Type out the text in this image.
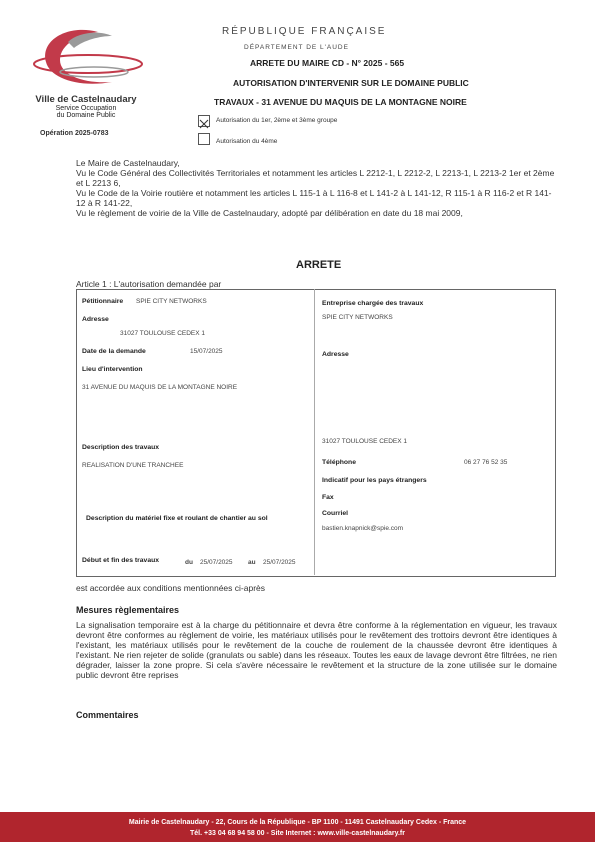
Ville de Castelnaudary
Service Occupation
du Domaine Public
Opération 2025-0783
RÉPUBLIQUE FRANÇAISE
DÉPARTEMENT DE L'AUDE
ARRETE DU MAIRE CD - N° 2025 - 565
AUTORISATION D'INTERVENIR SUR LE DOMAINE PUBLIC
TRAVAUX - 31 AVENUE DU MAQUIS DE LA MONTAGNE NOIRE
Autorisation du 1er, 2ème et 3ème groupe
Autorisation du 4ème
Le Maire de Castelnaudary,
Vu le Code Général des Collectivités Territoriales et notamment les articles L 2212-1, L 2212-2, L 2213-1, L 2213-2 1er et 2ème et L 2213 6,
Vu le Code de la Voirie routière et notamment les articles L 115-1 à L 116-8 et L 141-2 à L 141-12, R 115-1 à R 116-2 et R 141-12 à R 141-22,
Vu le règlement de voirie de la Ville de Castelnaudary, adopté par délibération en date du 18 mai 2009,
ARRETE
Article 1 : L'autorisation demandée par
Pétitionnaire SPIE CITY NETWORKS
Adresse
31027 TOULOUSE CEDEX 1
Date de la demande	15/07/2025
Lieu d'intervention
31 AVENUE DU MAQUIS DE LA MONTAGNE NOIRE
Description des travaux
REALISATION D'UNE TRANCHEE
Description du matériel fixe et roulant de chantier au sol
Début et fin des travaux	du 25/07/2025 au 25/07/2025
Entreprise chargée des travaux
SPIE CITY NETWORKS
Adresse
31027 TOULOUSE CEDEX 1
Téléphone	06 27 76 52 35
Indicatif pour les pays étrangers
Fax
Courriel
bastien.knapnick@spie.com
est accordée aux conditions mentionnées ci-après
Mesures règlementaires
La signalisation temporaire est à la charge du pétitionnaire et devra être conforme à la réglementation en vigueur, les travaux devront être conformes au règlement de voirie, les matériaux utilisés pour le revêtement des trottoirs devront être identiques à l'existant, les matériaux utilisés pour le revêtement de la couche de roulement de la chaussée devront être identiques à l'existant. Ne rien rejeter de solide (granulats ou sable) dans les réseaux. Toutes les eaux de lavage devront être filtrées, ne rien dégrader, laisser la zone propre. Si cela s'avère nécessaire le revêtement et la structure de la zone utilisée sur le domaine public devront être reprises
Commentaires
Mairie de Castelnaudary - 22, Cours de la République - BP 1100 - 11491 Castelnaudary Cedex - France
Tél. +33 04 68 94 58 00 - Site Internet : www.ville-castelnaudary.fr
